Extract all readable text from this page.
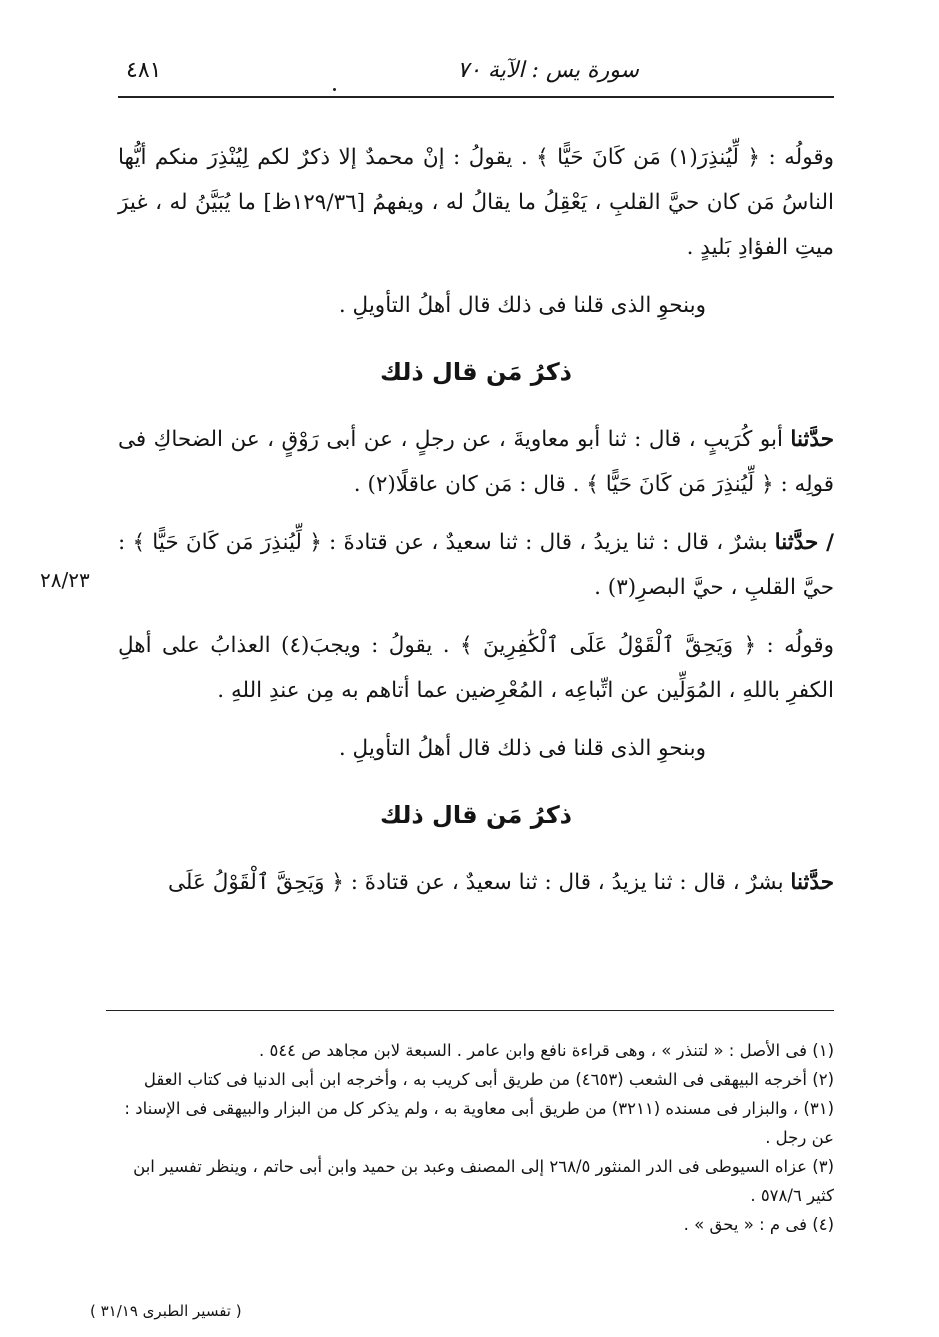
سورة يس : الآية ٧٠
٤٨١

وقولُه : ﴿ لِّيُنذِرَ(١) مَن كَانَ حَيًّا ﴾ . يقولُ : إنْ محمدٌ إلا ذكرٌ لكم لِيُنْذِرَ منكم أيُّها الناسُ مَن كان حيَّ القلبِ ، يَعْقِلُ ما يقالُ له ، ويفهمُ [١٢٩/٣٦ظ] ما يُبَيَّنُ له ، غيرَ ميتِ الفؤادِ بَليدٍ .

وبنحوِ الذى قلنا فى ذلك قال أهلُ التأويلِ .

ذكرُ مَن قال ذلك

حدَّثنا أبو كُرَيبٍ ، قال : ثنا أبو معاويةَ ، عن رجلٍ ، عن أبى رَوْقٍ ، عن الضحاكِ فى قولِه : ﴿ لِّيُنذِرَ مَن كَانَ حَيًّا ﴾ . قال : مَن كان عاقلًا(٢) .

/ حدَّثنا بشرٌ ، قال : ثنا يزيدُ ، قال : ثنا سعيدٌ ، عن قتادةَ : ﴿ لِّيُنذِرَ مَن كَانَ حَيًّا ﴾ : حيَّ القلبِ ، حيَّ البصرِ(٣) .

وقولُه : ﴿ وَيَحِقَّ ٱلْقَوْلُ عَلَى ٱلْكَٰفِرِينَ ﴾ . يقولُ : ويجبَ(٤) العذابُ على أهلِ الكفرِ باللهِ ، المُوَلِّين عن اتِّباعِه ، المُعْرِضين عما أتاهم به مِن عندِ اللهِ .

وبنحوِ الذى قلنا فى ذلك قال أهلُ التأويلِ .

ذكرُ مَن قال ذلك

حدَّثنا بشرٌ ، قال : ثنا يزيدُ ، قال : ثنا سعيدٌ ، عن قتادةَ : ﴿ وَيَحِقَّ ٱلْقَوْلُ عَلَى

٢٨/٢٣

(١) فى الأصل : « لتنذر » ، وهى قراءة نافع وابن عامر . السبعة لابن مجاهد ص ٥٤٤ .

(٢) أخرجه البيهقى فى الشعب (٤٦٥٣) من طريق أبى كريب به ، وأخرجه ابن أبى الدنيا فى كتاب العقل (٣١) ، والبزار فى مسنده (٣٢١١) من طريق أبى معاوية به ، ولم يذكر كل من البزار والبيهقى فى الإسناد : عن رجل .

(٣) عزاه السيوطى فى الدر المنثور ٢٦٨/٥ إلى المصنف وعبد بن حميد وابن أبى حاتم ، وينظر تفسير ابن كثير ٥٧٨/٦ .

(٤) فى م : « يحق » .

( تفسير الطبرى ٣١/١٩ )
